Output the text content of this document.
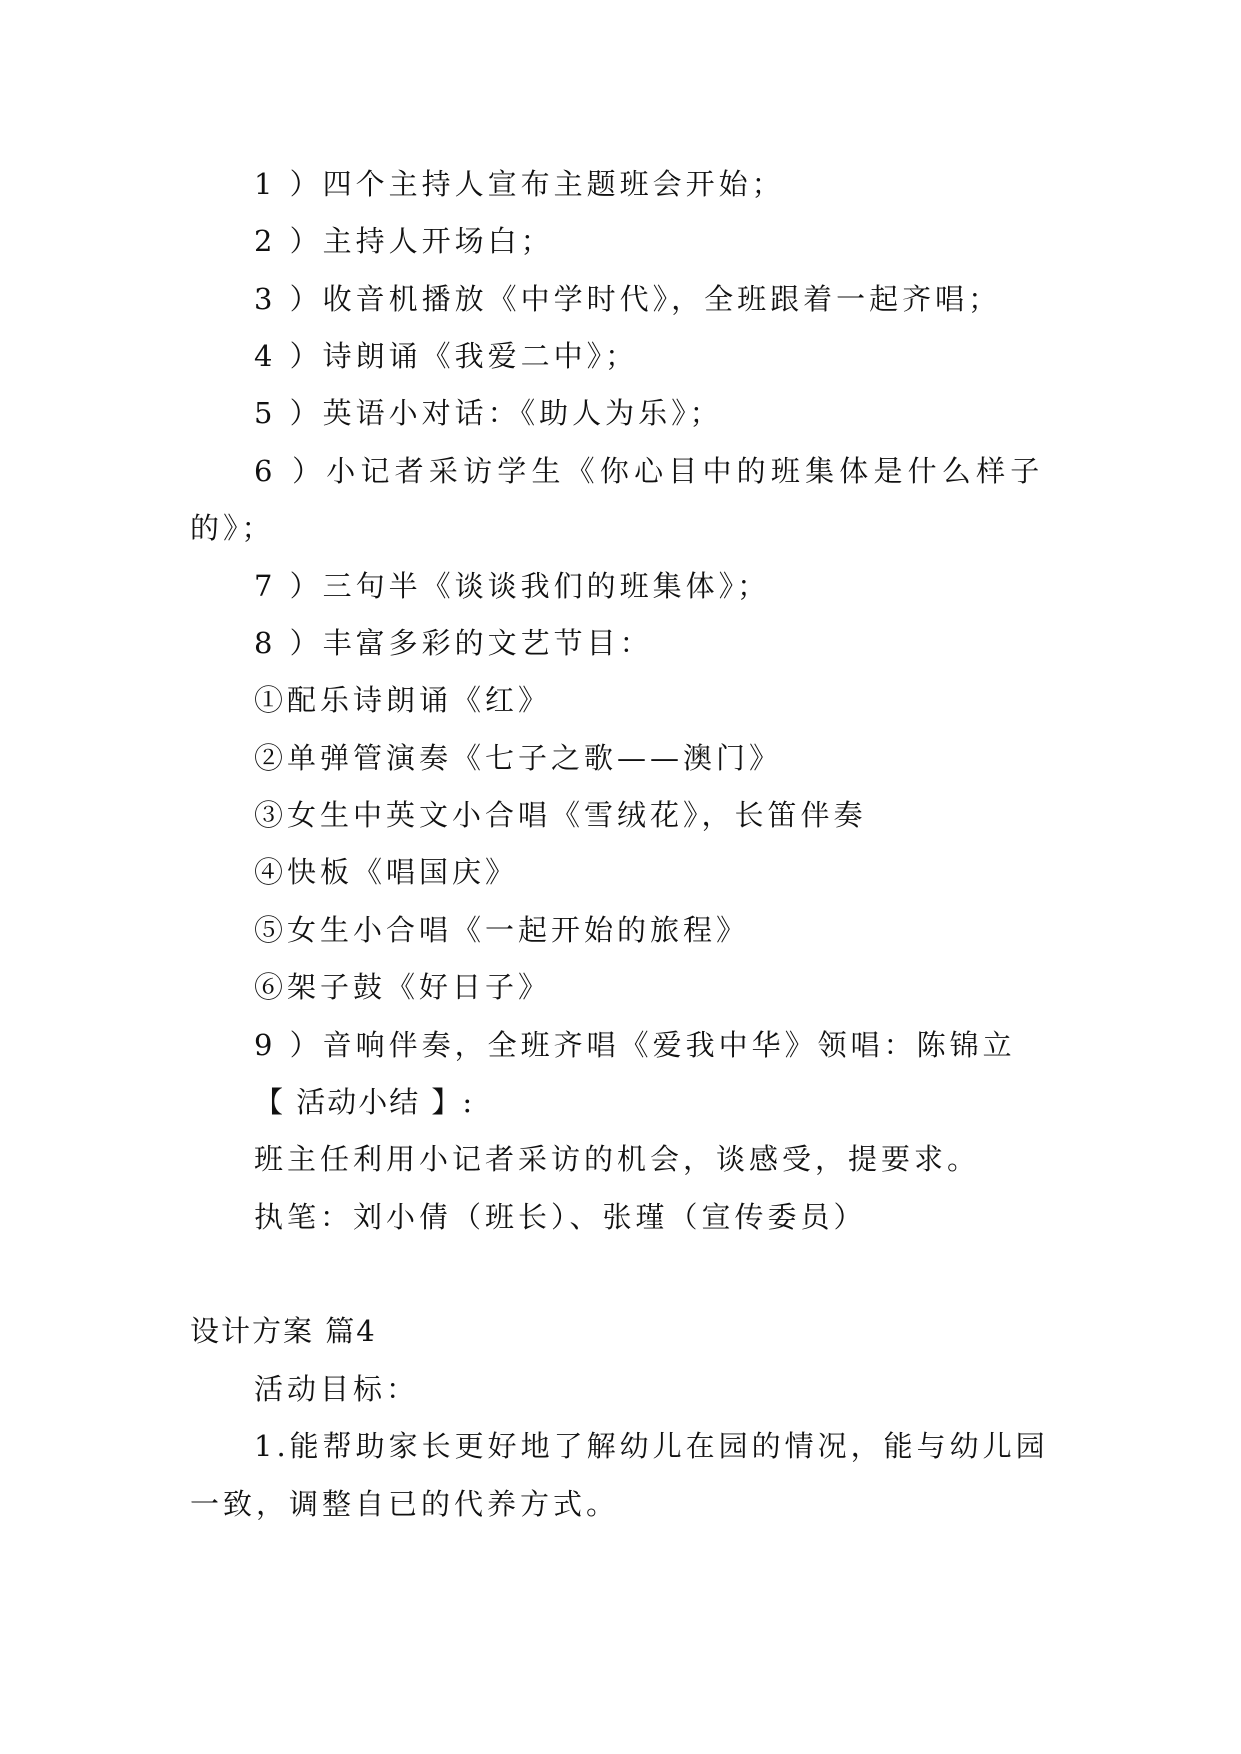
1 ）四个主持人宣布主题班会开始；
2 ）主持人开场白；
3 ）收音机播放《中学时代》，全班跟着一起齐唱；
4 ）诗朗诵《我爱二中》；
5 ）英语小对话：《助人为乐》；
6 ）小记者采访学生《你心目中的班集体是什么样子
的》；
7 ）三句半《谈谈我们的班集体》；
8 ）丰富多彩的文艺节目：
①配乐诗朗诵《红》
②单弹管演奏《七子之歌——澳门》
③女生中英文小合唱《雪绒花》，长笛伴奏
④快板《唱国庆》
⑤女生小合唱《一起开始的旅程》
⑥架子鼓《好日子》
9 ）音响伴奏，全班齐唱《爱我中华》领唱：陈锦立
【 活动小结 】:
班主任利用小记者采访的机会，谈感受，提要求。
执笔：刘小倩（班长）、张瑾（宣传委员）
设计方案 篇4
活动目标：
1.能帮助家长更好地了解幼儿在园的情况，能与幼儿园
一致，调整自已的代养方式。
